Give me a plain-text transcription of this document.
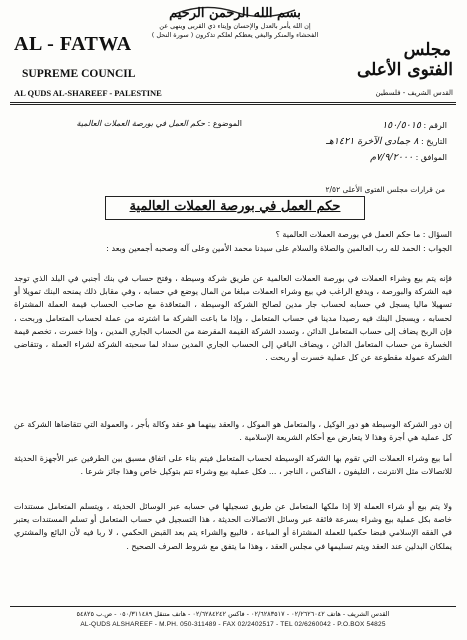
بسم الله الرحمن الرحيم
إن الله يأمر بالعدل والإحسان وإيتاء ذي القربى وينهى عن
الفحشاء والمنكر والبغي يعظكم لعلكم تذكرون ( سورة النحل )
AL - FATWA
SUPREME COUNCIL
AL QUDS AL-SHAREEF - PALESTINE
مجلس
الفتوى الأعلى
القدس الشريف - فلسطين
الرقم : ١٥٠/٥٠١٥
التاريخ : ٨ جمادى الآخرة ١٤٢١هـ
الموافق : ٧/٩/٢٠٠٠م
الموضوع : حكم العمل في بورصة العملات العالمية
من قرارات مجلس الفتوى الأعلى ٢/٥٢
حكم العمل في بورصة العملات العالمية
السؤال : ما حكم العمل في بورصة العملات العالمية ؟
الجواب : الحمد لله رب العالمين والصلاة والسلام على سيدنا محمد الأمين وعلى آله وصحبه أجمعين وبعد :
فإنه يتم بيع وشراء العملات في بورصة العملات العالمية عن طريق شركة وسيطة ، وفتح حساب في بنك أجنبي في البلد الذي توجد فيه الشركة والبورصة ، ويدفع الراغب في بيع وشراء العملات مبلغا من المال يوضع في حسابه ، وفي مقابل ذلك يمنحه البنك تمويلا أو تسهيلا ماليا يسجل في حسابه لحساب جار مدين لصالح الشركة الوسيطة ، المتعاقدة مع صاحب الحساب قيمة العملة المشتراة لحسابه ، ويسجل البنك فيه رصيدا مدينا في حساب المتعامل ، وإذا ما باعت الشركة ما اشترته من عملة لحساب المتعامل وربحت ، فإن الربح يضاف إلى حساب المتعامل الدائن ، وتسدد الشركة القيمة المقرضة من الحساب الجاري المدين ، وإذا خسرت ، تخصم قيمة الخسارة من حساب المتعامل الدائن ، ويضاف الباقي إلى الحساب الجاري المدين سداد لما سحبته الشركة لشراء العملة ، وتتقاضى الشركة عمولة مقطوعة عن كل عملية خسرت أو ربحت .
إن دور الشركة الوسيطة هو دور الوكيل ، والمتعامل هو الموكل ، والعقد بينهما هو عقد وكالة بأجر ، والعمولة التي تتقاضاها الشركة عن كل عملية هي أجرة وهذا لا يتعارض مع أحكام الشريعة الإسلامية .
أما بيع وشراء العملات التي تقوم بها الشركة الوسيطة لحساب المتعامل فيتم بناء على اتفاق مسبق بين الطرفين عبر الأجهزة الحديثة للاتصالات مثل الانترنت ، التليفون ، الفاكس ، الناجر ، ... فكل عملية بيع وشراء تتم بتوكيل خاص وهذا جائز شرعا .
ولا يتم بيع أو شراء العملة إلا إذا ملكها المتعامل عن طريق تسجيلها في حسابه عبر الوسائل الحديثة ، ويتسلم المتعامل مستندات خاصة بكل عملية بيع وشراء بسرعة فائقة عبر وسائل الاتصالات الحديثة ، هذا التسجيل في حساب المتعامل أو تسلم المستندات يعتبر في الفقه الإسلامي قبضا حكميا للعملة المشتراة أو المباعة ، فالبيع والشراء يتم بعد القبض الحكمي ، لا ربا فيه لأن البائع والمشتري يملكان البدلين عند العقد ويتم تسليمها في مجلس العقد ، وهذا ما يتفق مع شروط الصرف الصحيح .
القدس الشريف - هاتف ٠٢/٢٦٢٦٠٤٢ - ٠٢/٦٢٨٣٥١٧ - فاكس ٠٢/٦٢٨٤٢٤٢ - هاتف متنقل ٠٥٠/٣١١٤٨٩ - ص.ب ٥٤٨٢٥
AL-QUDS ALSHAREEF - M.PH. 050-311489 - FAX 02/2402517 - TEL 02/6260042 - P.O.BOX 54825
